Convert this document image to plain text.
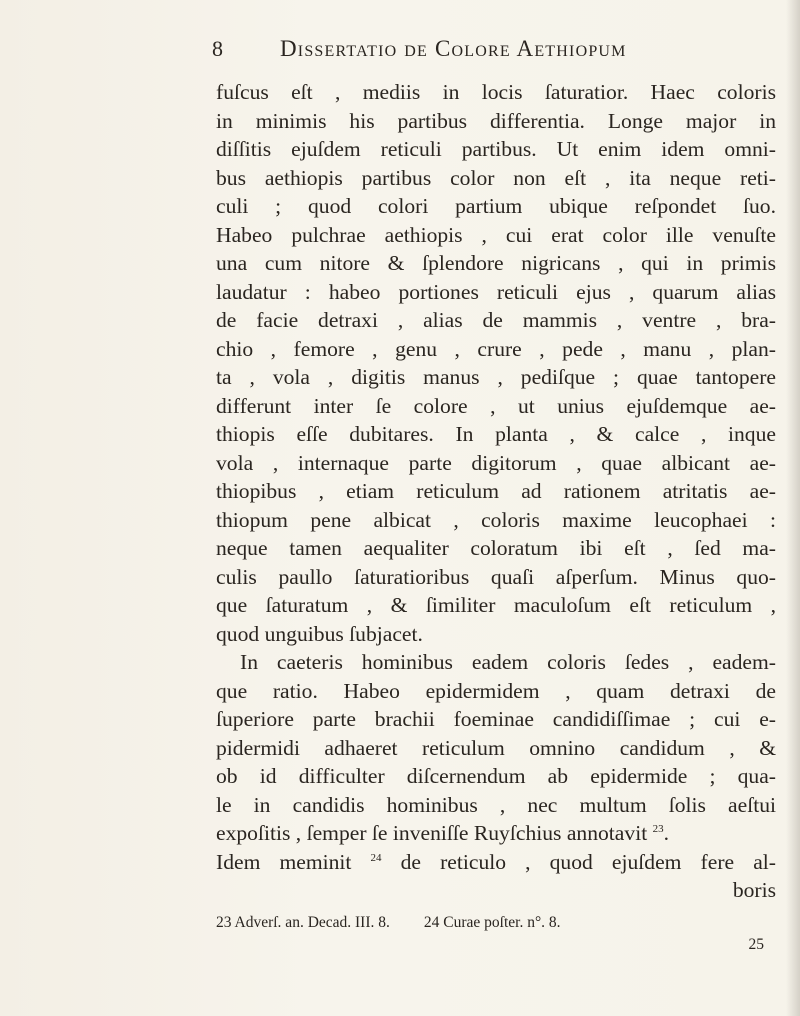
8	Dissertatio de Colore Aethiopum
fuſcus eſt , mediis in locis ſaturatior. Haec coloris
in minimis his partibus differentia. Longe major in
diſſitis ejuſdem reticuli partibus. Ut enim idem omni-
bus aethiopis partibus color non eſt , ita neque reti-
culi ; quod colori partium ubique reſpondet ſuo.
Habeo pulchrae aethiopis , cui erat color ille venuſte
una cum nitore & ſplendore nigricans , qui in primis
laudatur : habeo portiones reticuli ejus , quarum alias
de facie detraxi , alias de mammis , ventre , bra-
chio , femore , genu , crure , pede , manu , plan-
ta , vola , digitis manus , pediſque ; quae tantopere
differunt inter ſe colore , ut unius ejuſdemque ae-
thiopis eſſe dubitares. In planta , & calce , inque
vola , internaque parte digitorum , quae albicant ae-
thiopibus , etiam reticulum ad rationem atritatis ae-
thiopum pene albicat , coloris maxime leucophaei :
neque tamen aequaliter coloratum ibi eſt , ſed ma-
culis paullo ſaturatioribus quaſi aſperſum. Minus quo-
que ſaturatum , & ſimiliter maculoſum eſt reticulum ,
quod unguibus ſubjacet.
In caeteris hominibus eadem coloris ſedes , eadem-
que ratio. Habeo epidermidem , quam detraxi de
ſuperiore parte brachii foeminae candidiſſimae ; cui e-
pidermidi adhaeret reticulum omnino candidum , &
ob id difficulter diſcernendum ab epidermide ; qua-
le in candidis hominibus , nec multum ſolis aeſtui
expoſitis , ſemper ſe inveniſſe Ruyſchius annotavit $^{23}$.
Idem meminit $^{24}$ de reticulo , quod ejuſdem fere al-
boris
23 Adverſ. an. Decad. III. 8. 24 Curae poſter. n°. 8.
25
